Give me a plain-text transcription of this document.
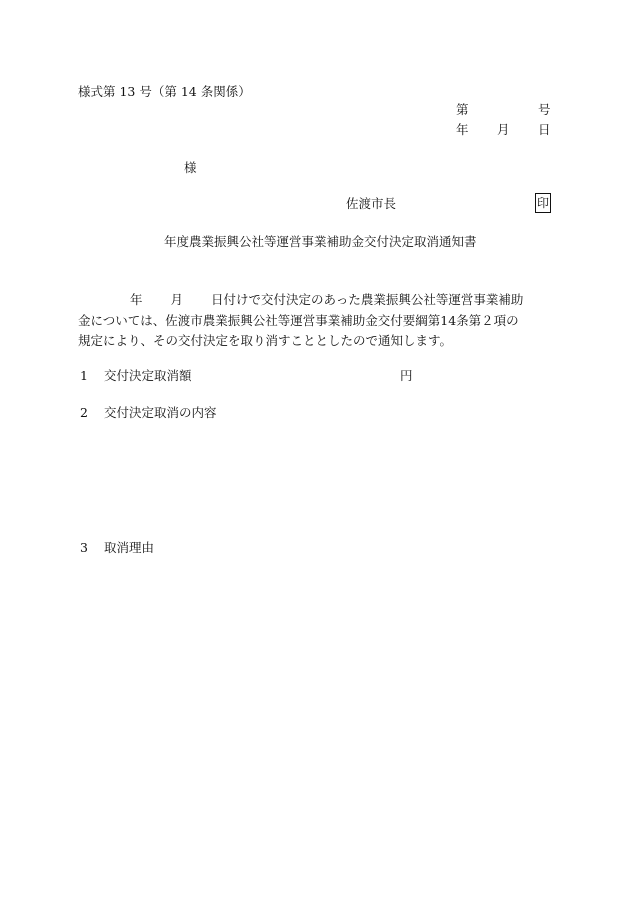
様式第 13 号（第 14 条関係）
第	号
年 月 日
様
佐渡市長	印
年度農業振興公社等運営事業補助金交付決定取消通知書
年 月 日付けで交付決定のあった農業振興公社等運営事業補助
金については、佐渡市農業振興公社等運営事業補助金交付要綱第14条第２項の
規定により、その交付決定を取り消すこととしたので通知します。
1 交付決定取消額	円
2 交付決定取消の内容
3 取消理由
